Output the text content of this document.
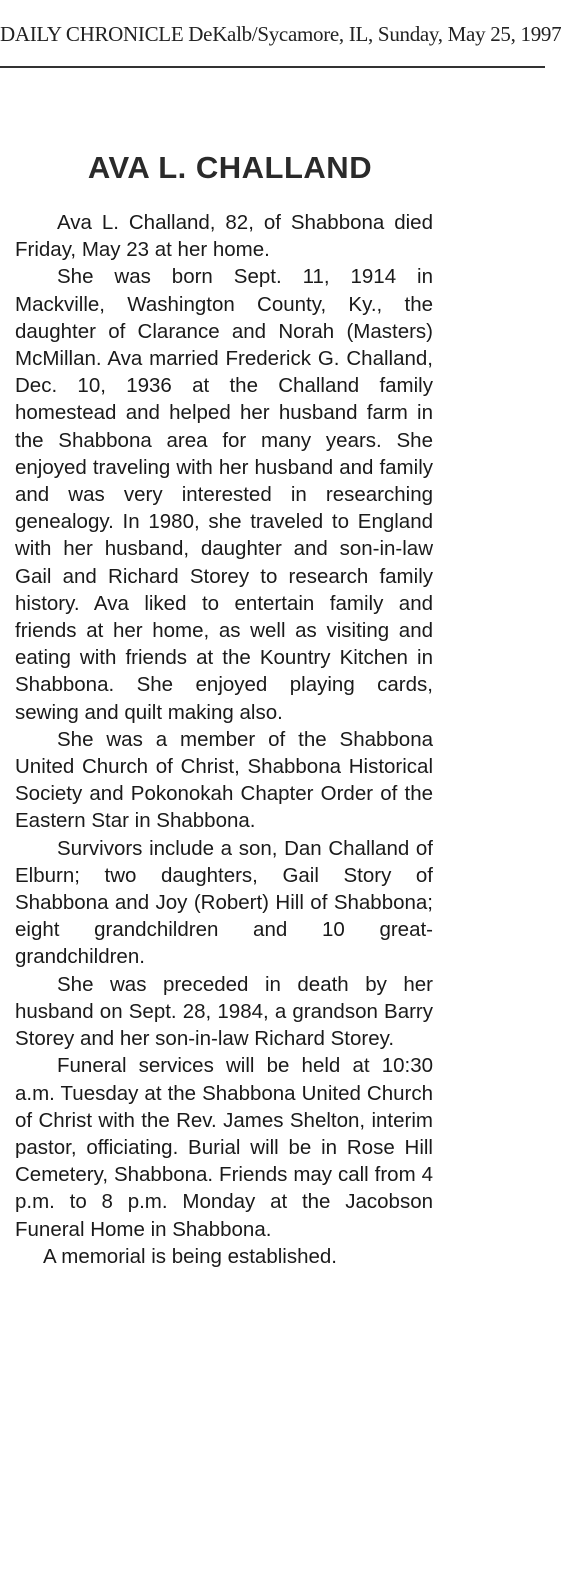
DAILY CHRONICLE DeKalb/Sycamore, IL, Sunday, May 25, 1997
AVA L. CHALLAND

Ava L. Challand, 82, of Shabbona died Friday, May 23 at her home.

She was born Sept. 11, 1914 in Mackville, Washington County, Ky., the daughter of Clarance and Norah (Masters) McMillan. Ava married Frederick G. Challand, Dec. 10, 1936 at the Challand family homestead and helped her husband farm in the Shabbona area for many years. She enjoyed traveling with her husband and family and was very interested in researching genealogy. In 1980, she traveled to England with her husband, daughter and son-in-law Gail and Richard Storey to research family history. Ava liked to entertain family and friends at her home, as well as visiting and eating with friends at the Kountry Kitchen in Shabbona. She enjoyed playing cards, sewing and quilt making also.

She was a member of the Shabbona United Church of Christ, Shabbona Historical Society and Pokonokah Chapter Order of the Eastern Star in Shabbona.

Survivors include a son, Dan Challand of Elburn; two daughters, Gail Story of Shabbona and Joy (Robert) Hill of Shabbona; eight grandchildren and 10 great-grandchildren.

She was preceded in death by her husband on Sept. 28, 1984, a grandson Barry Storey and her son-in-law Richard Storey.

Funeral services will be held at 10:30 a.m. Tuesday at the Shabbona United Church of Christ with the Rev. James Shelton, interim pastor, officiating. Burial will be in Rose Hill Cemetery, Shabbona. Friends may call from 4 p.m. to 8 p.m. Monday at the Jacobson Funeral Home in Shabbona.

A memorial is being established.
